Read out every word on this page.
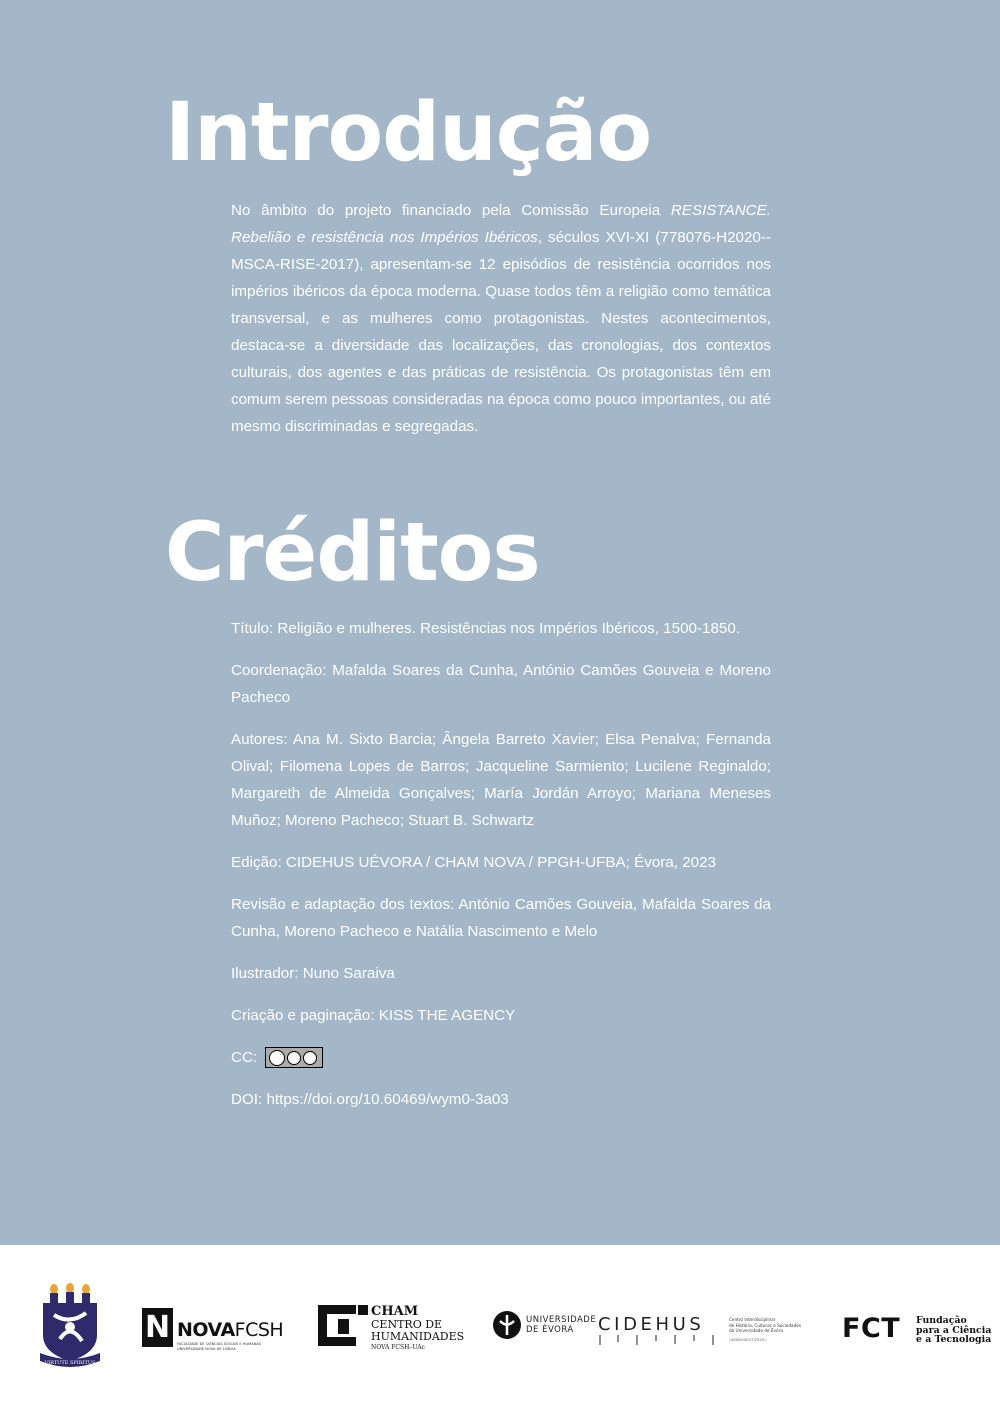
Introdução

No âmbito do projeto financiado pela Comissão Europeia RESISTANCE. Rebelião e resistência nos Impérios Ibéricos, séculos XVI-XI (778076-H2020--MSCA-RISE-2017), apresentam-se 12 episódios de resistência ocorridos nos impérios ibéricos da época moderna. Quase todos têm a religião como temática transversal, e as mulheres como protagonistas. Nestes acontecimentos, destaca-se a diversidade das localizações, das cronologias, dos contextos culturais, dos agentes e das práticas de resistência. Os protagonistas têm em comum serem pessoas consideradas na época como pouco importantes, ou até mesmo discriminadas e segregadas.

Créditos

Título: Religião e mulheres. Resistências nos Impérios Ibéricos, 1500-1850.

Coordenação: Mafalda Soares da Cunha, António Camões Gouveia e Moreno Pacheco

Autores: Ana M. Sixto Barcia; Ângela Barreto Xavier; Elsa Penalva; Fernanda Olival; Filomena Lopes de Barros; Jacqueline Sarmiento; Lucilene Reginaldo; Margareth de Almeida Gonçalves; María Jordán Arroyo; Mariana Meneses Muñoz; Moreno Pacheco; Stuart B. Schwartz

Edição: CIDEHUS UÉVORA / CHAM NOVA / PPGH-UFBA; Évora, 2023

Revisão e adaptação dos textos: António Camões Gouveia, Mafalda Soares da Cunha, Moreno Pacheco e Natália Nascimento e Melo

Ilustrador: Nuno Saraiva

Criação e paginação: KISS THE AGENCY

CC:

DOI: https://doi.org/10.60469/wym0-3a03

VIRTUTE SPIRITUS
N NOVAFCSH
FACULDADE DE CIÊNCIAS SOCIAIS E HUMANAS
UNIVERSIDADE NOVA DE LISBOA
CHAM
CENTRO DE
HUMANIDADES
NOVA FCSH–UAc
UNIVERSIDADE
DE ÉVORA	CIDEHUS	Centro Interdisciplinar
de História, Culturas e Sociedades
da Universidade de Évora
(UIDB/00057/2020)	FCT Fundação
para a Ciência
e a Tecnologia
